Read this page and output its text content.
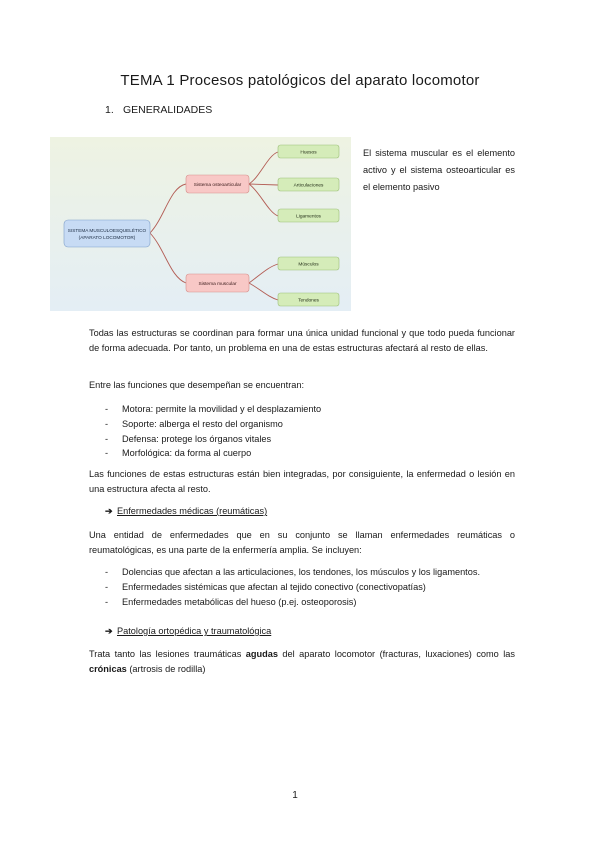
TEMA 1 Procesos patológicos del aparato locomotor
1. GENERALIDADES
SISTEMA MUSCULOESQUELÉTICO
(APARATO LOCOMOTOR)
Sistema osteoarticular
Sistema muscular
Huesos
Articulaciones
Ligamentos
Músculos
Tendones
El sistema muscular es el elemento activo y el sistema osteoarticular es el elemento pasivo
Todas las estructuras se coordinan para formar una única unidad funcional y que todo pueda funcionar de forma adecuada. Por tanto, un problema en una de estas estructuras afectará al resto de ellas.
Entre las funciones que desempeñan se encuentran:
- Motora: permite la movilidad y el desplazamiento
- Soporte: alberga el resto del organismo
- Defensa: protege los órganos vitales
- Morfológica: da forma al cuerpo
Las funciones de estas estructuras están bien integradas, por consiguiente, la enfermedad o lesión en una estructura afecta al resto.
➔ Enfermedades médicas (reumáticas)
Una entidad de enfermedades que en su conjunto se llaman enfermedades reumáticas o reumatológicas, es una parte de la enfermería amplia. Se incluyen:
- Dolencias que afectan a las articulaciones, los tendones, los músculos y los ligamentos.
- Enfermedades sistémicas que afectan al tejido conectivo (conectivopatías)
- Enfermedades metabólicas del hueso (p.ej. osteoporosis)
➔ Patología ortopédica y traumatológica
Trata tanto las lesiones traumáticas agudas del aparato locomotor (fracturas, luxaciones) como las crónicas (artrosis de rodilla)
1
